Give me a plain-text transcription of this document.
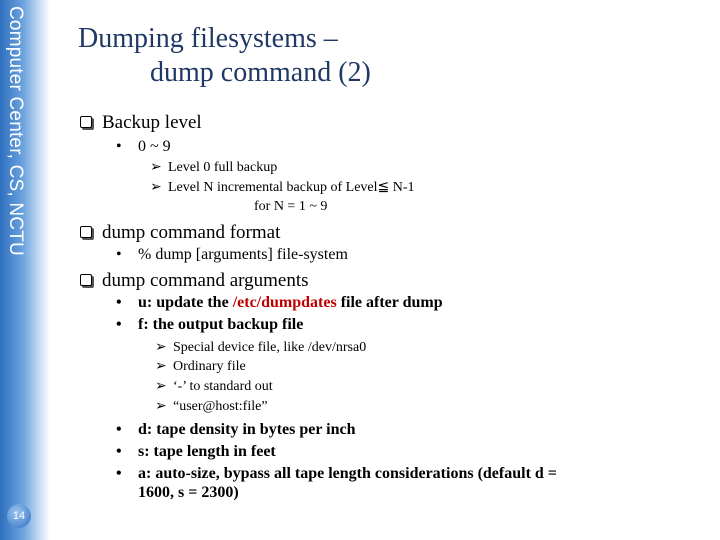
Computer Center, CS, NCTU
14
Dumping filesystems –
dump command (2)
Backup level
• 0 ~ 9
➢ Level 0 full backup
➢ Level N incremental backup of Level≦ N-1
for N = 1 ~ 9
dump command format
• % dump [arguments] file-system
dump command arguments
• u: update the /etc/dumpdates file after dump
• f: the output backup file
➢ Special device file, like /dev/nrsa0
➢ Ordinary file
➢ ‘-’ to standard out
➢ “user@host:file”
• d: tape density in bytes per inch
• s: tape length in feet
• a: auto-size, bypass all tape length considerations (default d =
1600, s = 2300)
